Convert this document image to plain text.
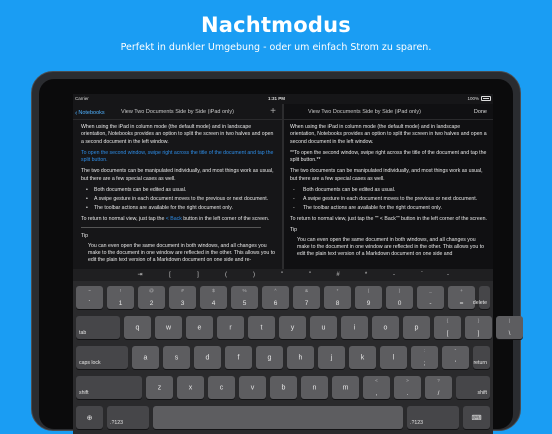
Nachtmodus
Perfekt in dunkler Umgebung - oder um einfach Strom zu sparen.
Carrier	1:31 PM	100%
‹Notebooks	View Two Documents Side by Side (iPad only)	+

When using the iPad in column mode (the default mode) and in landscape orientation, Notebooks provides an option to split the screen in two halves and open a second document in the left window.

To open the second window, swipe right across the title of the document and tap the split button.

The two documents can be manipulated individually, and most things work as usual, but there are a few special cases as well.

• Both documents can be edited as usual.
• A swipe gesture in each document moves to the previous or next document.
• The toolbar actions are available for the right document only.

To return to normal view, just tap the < Back button in the left corner of the screen.

Tip
You can even open the same document in both windows, and all changes you make to the document in one window are reflected in the other. This allows you to edit the plain text version of a Markdown document on one side and re-
View Two Documents Side by Side (iPad only)	Done

When using the iPad in column mode (the default mode) and in landscape orientation, Notebooks provides an option to split the screen in two halves and open a second document in the left window.

**To open the second window, swipe right across the title of the document and tap the split button.**

The two documents can be manipulated individually, and most things work as usual, but there are a few special cases as well.

- Both documents can be edited as usual.
- A swipe gesture in each document moves to the previous or next document.
- The toolbar actions are available for the right document only.

To return to normal view, just tap the "" < Back"" button in the left corner of the screen.

Tip
You can even open the same document in both windows, and all changes you make to the document in one window are reflected in the other. This allows you to edit the plain text version of a Markdown document on one side and
⇥	[	]	(	)	"	"	#	*	-	`	-
~
`
!
1
@
2
#
3
$
4
%
5
^
6
&
7
*
8
(
9
)
0
_
-
+
=	delete
tab
q	w	e	r	t	y	u	i	o	p
{
[
}
]
|
\
caps lock
a	s	d	f	g	h	j	k	l
:
;
"
'	return
shift
z	x	c	v	b	n	m
<
,
>
.
?
/	shift
⊕
.?123	.?123
⌨
